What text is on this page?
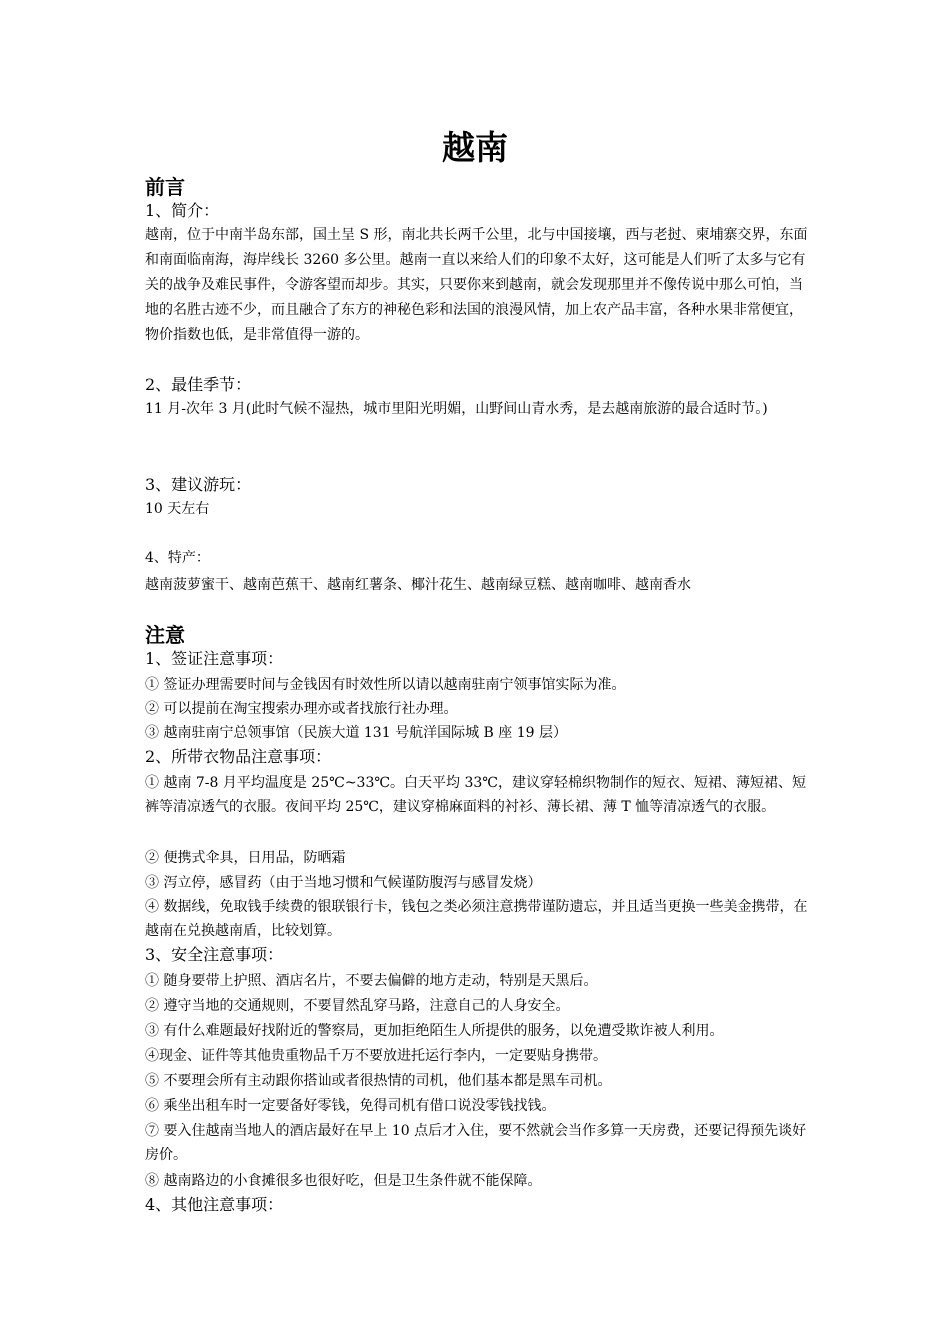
越南
前言
1、简介：
越南，位于中南半岛东部，国土呈 S 形，南北共长两千公里，北与中国接壤，西与老挝、柬埔寨交界，东面和南面临南海，海岸线长 3260 多公里。越南一直以来给人们的印象不太好，这可能是人们听了太多与它有关的战争及难民事件，令游客望而却步。其实，只要你来到越南，就会发现那里并不像传说中那么可怕，当地的名胜古迹不少，而且融合了东方的神秘色彩和法国的浪漫风情，加上农产品丰富，各种水果非常便宜，物价指数也低，是非常值得一游的。
2、最佳季节：
11 月-次年 3 月(此时气候不湿热，城市里阳光明媚，山野间山青水秀，是去越南旅游的最合适时节。)
3、建议游玩：
10 天左右
4、特产：
越南菠萝蜜干、越南芭蕉干、越南红薯条、椰汁花生、越南绿豆糕、越南咖啡、越南香水
注意
1、签证注意事项：
① 签证办理需要时间与金钱因有时效性所以请以越南驻南宁领事馆实际为准。
② 可以提前在淘宝搜索办理亦或者找旅行社办理。
③ 越南驻南宁总领事馆（民族大道 131 号航洋国际城 B 座 19 层）
2、所带衣物品注意事项：
① 越南 7-8 月平均温度是 25℃~33℃。白天平均 33℃，建议穿轻棉织物制作的短衣、短裙、薄短裙、短裤等清凉透气的衣服。夜间平均 25℃，建议穿棉麻面料的衬衫、薄长裙、薄 T 恤等清凉透气的衣服。
② 便携式伞具，日用品，防晒霜
③ 泻立停，感冒药（由于当地习惯和气候谨防腹泻与感冒发烧）
④ 数据线，免取钱手续费的银联银行卡，钱包之类必须注意携带谨防遗忘，并且适当更换一些美金携带，在越南在兑换越南盾，比较划算。
3、安全注意事项：
① 随身要带上护照、酒店名片，不要去偏僻的地方走动，特别是天黑后。
② 遵守当地的交通规则，不要冒然乱穿马路，注意自己的人身安全。
③ 有什么难题最好找附近的警察局，更加拒绝陌生人所提供的服务，以免遭受欺诈被人利用。
④现金、证件等其他贵重物品千万不要放进托运行李内，一定要贴身携带。
⑤ 不要理会所有主动跟你搭讪或者很热情的司机，他们基本都是黑车司机。
⑥ 乘坐出租车时一定要备好零钱，免得司机有借口说没零钱找钱。
⑦ 要入住越南当地人的酒店最好在早上 10 点后才入住，要不然就会当作多算一天房费，还要记得预先谈好房价。
⑧ 越南路边的小食摊很多也很好吃，但是卫生条件就不能保障。
4、其他注意事项：
